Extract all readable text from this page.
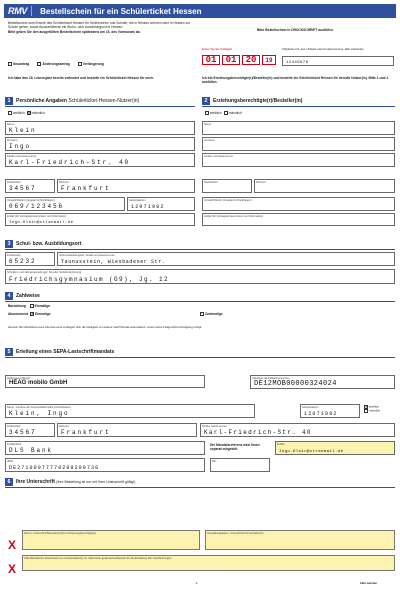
RMV	Bestellschein für ein Schülerticket Hessen
Bestellschein zum Erwerb des Schülerticket Hessen für Schülerinnen und Schüler, die in Hessen wohnen oder in Hessen zur Schule gehen, sowie Auszubildende mit Wohn- oder Ausbildungsort in Hessen.
Bitte geben Sie den ausgefüllten Bestellschein spätestens am 15. des Vormonats ab.	Bitte Bestellschein in DRUCKSCHRIFT ausfüllen.
Neuantrag	Änderungsantrag	Verlängerung
Erster Tag der Gültigkeit
01	01	20	19
Chipkarten-Nr. des eTickets oder Kundennummer, falls vorhanden
12345678
Ich habe das 18. Lebensjahr bereits vollendet und bestelle ein Schülerticket Hessen für mich.	Ich bin Erziehungsberechtigte(r)/Besteller(in) und bestelle ein Schülerticket Hessen für den/die Nutzer(in). Bitte 1 und 2 ausfüllen.
1	Persönliche Angaben
Schülerticket-Hessen-Nutzer(in)
weiblich ✕ männlich
Name
Klein
Vorname
Ingo
Straße und Hausnummer
Karl-Friedrich-Str. 40
Postleitzahl
34567
Wohnort
Frankfurt
Vorwahl/Telefon (Angabe für Rückfragen)
069/123456
Geburtsdatum
12071982
E-Mail (für Vertragskorrespondenz und Information)
Ingo.Klein@stranmail.de
2	Erziehungsberechtigte(r)/Besteller(in)
weiblich männlich
Name
Vorname
Straße und Hausnummer
Postleitzahl	Wohnort
Vorwahl/Telefon (Angabe für Rückfragen)
E-Mail (für Vertragskorrespondenz und Information)
3	Schul- bzw. Ausbildungsort
Postleitzahl
65232
Schul-/Ausbildungsort, Straße und Hausnummer
Taunusstein, Wiesbadener Str.
Schulform und Jahrgangsstufe (ggf. Stk oder Schulbezeichnung)
Friedrichsgymnasium (G9), Jg. 12
4	Zahlweise
Barzahlung	Einmalige
Abonnement ✕ Einmalige	Zweimalige
Hinweis: Bei Abschluss eines Abonnements verlängert sich die Gültigkeit um weitere zwölf Monate automatisch, sofern keine fristgerechte Kündigung erfolgt.
5	Erteilung eines SEPA-Lastschriftmandats
Zahlungsempfänger
HEAG mobilo GmbH
Gläubiger-Identifikationsnummer
DE12MOB00000324024
Name, Vorname der Kontoinhaberin/des Kontoinhabers
Klein, Ingo
Geburtsdatum
12071982
✕weiblich
männlich
Postleitzahl
34567
Wohnort
Frankfurt
Straße, Hausnummer
Karl-Friedrich-Str. 40
Kreditinstitut
DLS Bank
Die Mandatsreferenz wird Ihnen separat mitgeteilt.
E-Mail
Ingo.Klein@stranmail.de
IBAN
DE27100077770209299730
BIC
6	Ihre Unterschrift
(Ihre Bestellung ist nur mit Ihrer Unterschrift gültig!)
X
Datum, Unterschrift Besteller(in)/bzw. Erziehungsberechtigte(r)	Ausstellungsdatum, Unterschrift Kontoinhaber(in)
X
Falls Besteller(in) abweichend von Kontoinhaber(in) ist, hafte beide gesamtschuldnerisch für die Einhaltung aller Verpflichtungen.
-1-	bitte wenden
